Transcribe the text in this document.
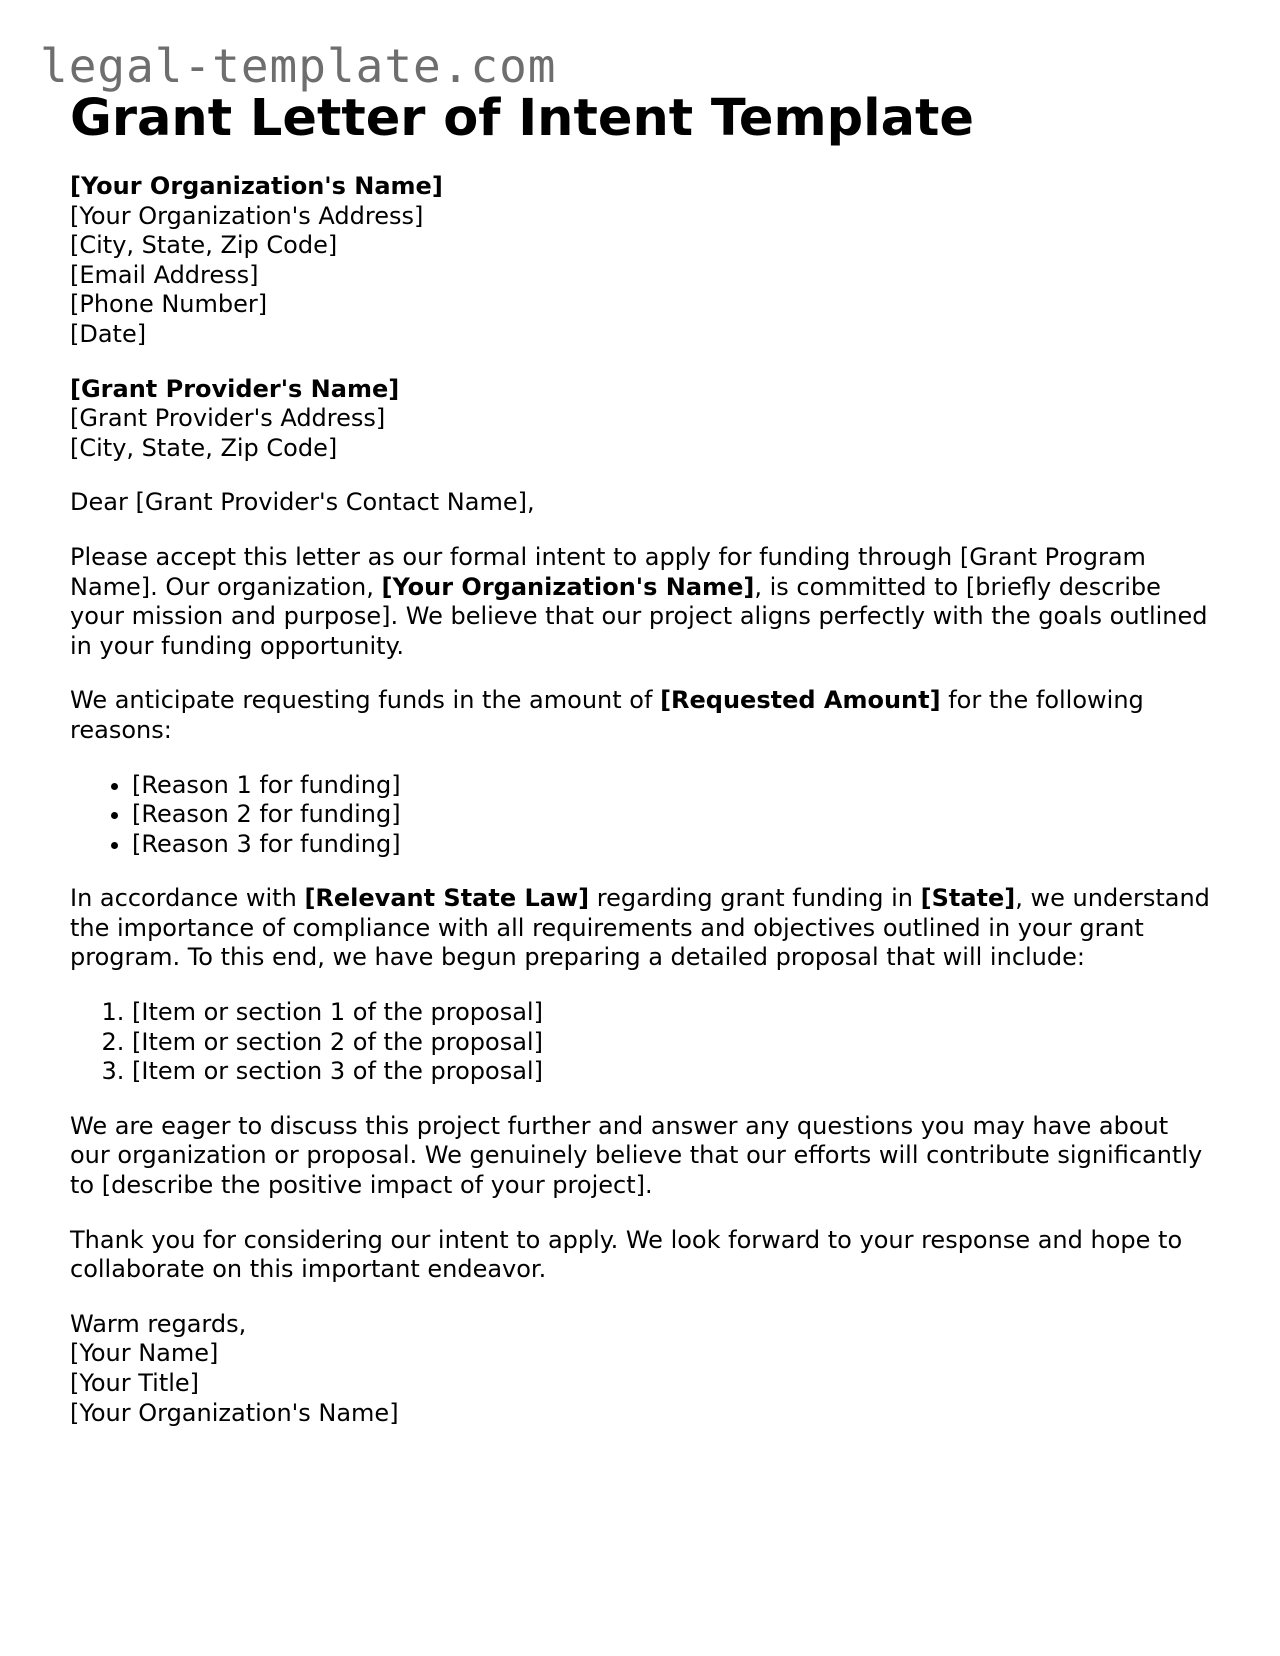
legal-template.com
Grant Letter of Intent Template

[Your Organization's Name]

[Your Organization's Address]

[City, State, Zip Code]

[Email Address]

[Phone Number]

[Date]

[Grant Provider's Name]

[Grant Provider's Address]

[City, State, Zip Code]

Dear [Grant Provider's Contact Name],

Please accept this letter as our formal intent to apply for funding through [Grant Program Name]. Our organization, [Your Organization's Name], is committed to [briefly describe your mission and purpose]. We believe that our project aligns perfectly with the goals outlined in your funding opportunity.

We anticipate requesting funds in the amount of [Requested Amount] for the following reasons:

• [Reason 1 for funding]
• [Reason 2 for funding]
• [Reason 3 for funding]

In accordance with [Relevant State Law] regarding grant funding in [State], we understand the importance of compliance with all requirements and objectives outlined in your grant program. To this end, we have begun preparing a detailed proposal that will include:

1. [Item or section 1 of the proposal]
2. [Item or section 2 of the proposal]
3. [Item or section 3 of the proposal]

We are eager to discuss this project further and answer any questions you may have about our organization or proposal. We genuinely believe that our efforts will contribute significantly to [describe the positive impact of your project].

Thank you for considering our intent to apply. We look forward to your response and hope to collaborate on this important endeavor.

Warm regards,

[Your Name]

[Your Title]

[Your Organization's Name]
